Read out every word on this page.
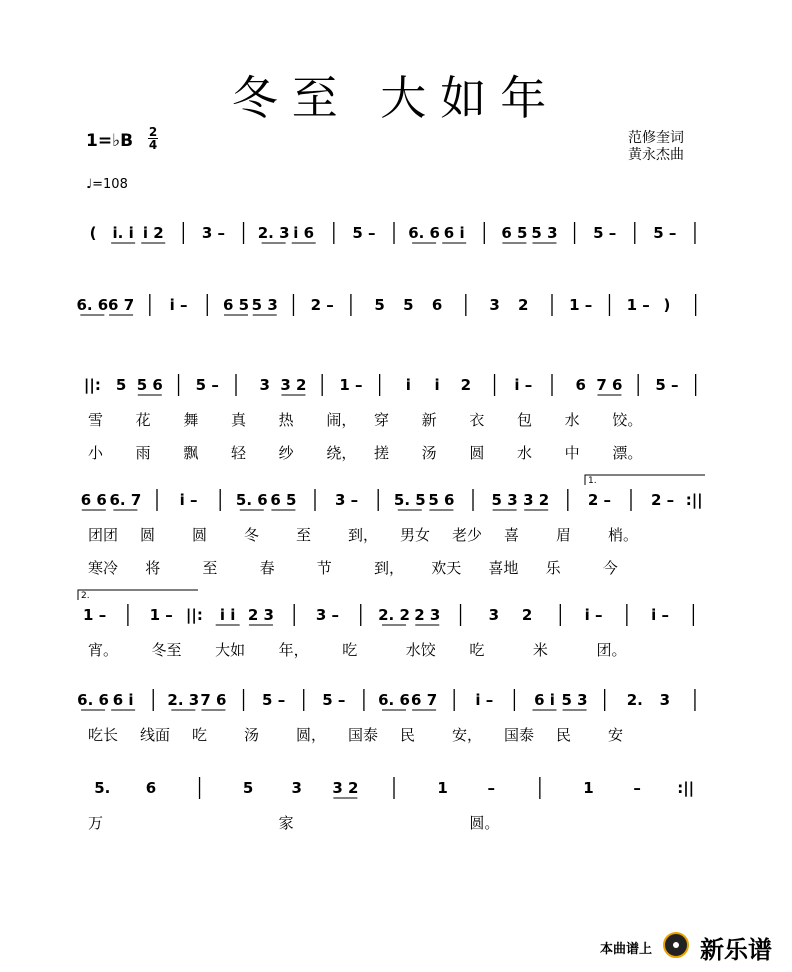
冬至 大如年
1=♭B 2
4
♩=108
范修奎词
黄永杰曲
( i. i i 2	3 – 2. 3 i 6	5 – 6. 6 6 i 6 5 5 3 5 – 5 –
6. 6 6 7 i – 6 5 5 3 2 –	5 5 6	3 2	1 – 1 – )
||: 5 5 6 5 –	3 3 2 1 –	i i 2	i –	6 7 6 5 –
雪 花 舞 真 热 闹， 穿 新 衣 包 水 饺。
小 雨 飘 轻 纱 绕， 搓 汤 圆 水 中 漂。
6 6 6. 7	i –	5. 6 6 5	3 – 5. 5 5 6 5 3 3 2	2 –	2 – :||
1.
团团 圆 圆 冬 至 到， 男女 老少 喜 眉 梢。
寒冷 将	至	春	节	到， 欢天 喜地 乐	今
1 –	1 – ||: i i 2 3	3 –	2. 2 2 3	3 2	i –	i –
2.
宵。 冬至 大如 年， 吃	水饺 吃	米	团。
6. 6 6 i 2. 3 7 6 5 – 5 – 6. 6 6 7	i –	6 i 5 3	2. 3
吃长 线面 吃 汤 圆， 国泰 民 安， 国泰 民 安
5. 6	5	3 3 2	1	–	1	– :||
万	家	圆。
本曲谱上 新乐谱
